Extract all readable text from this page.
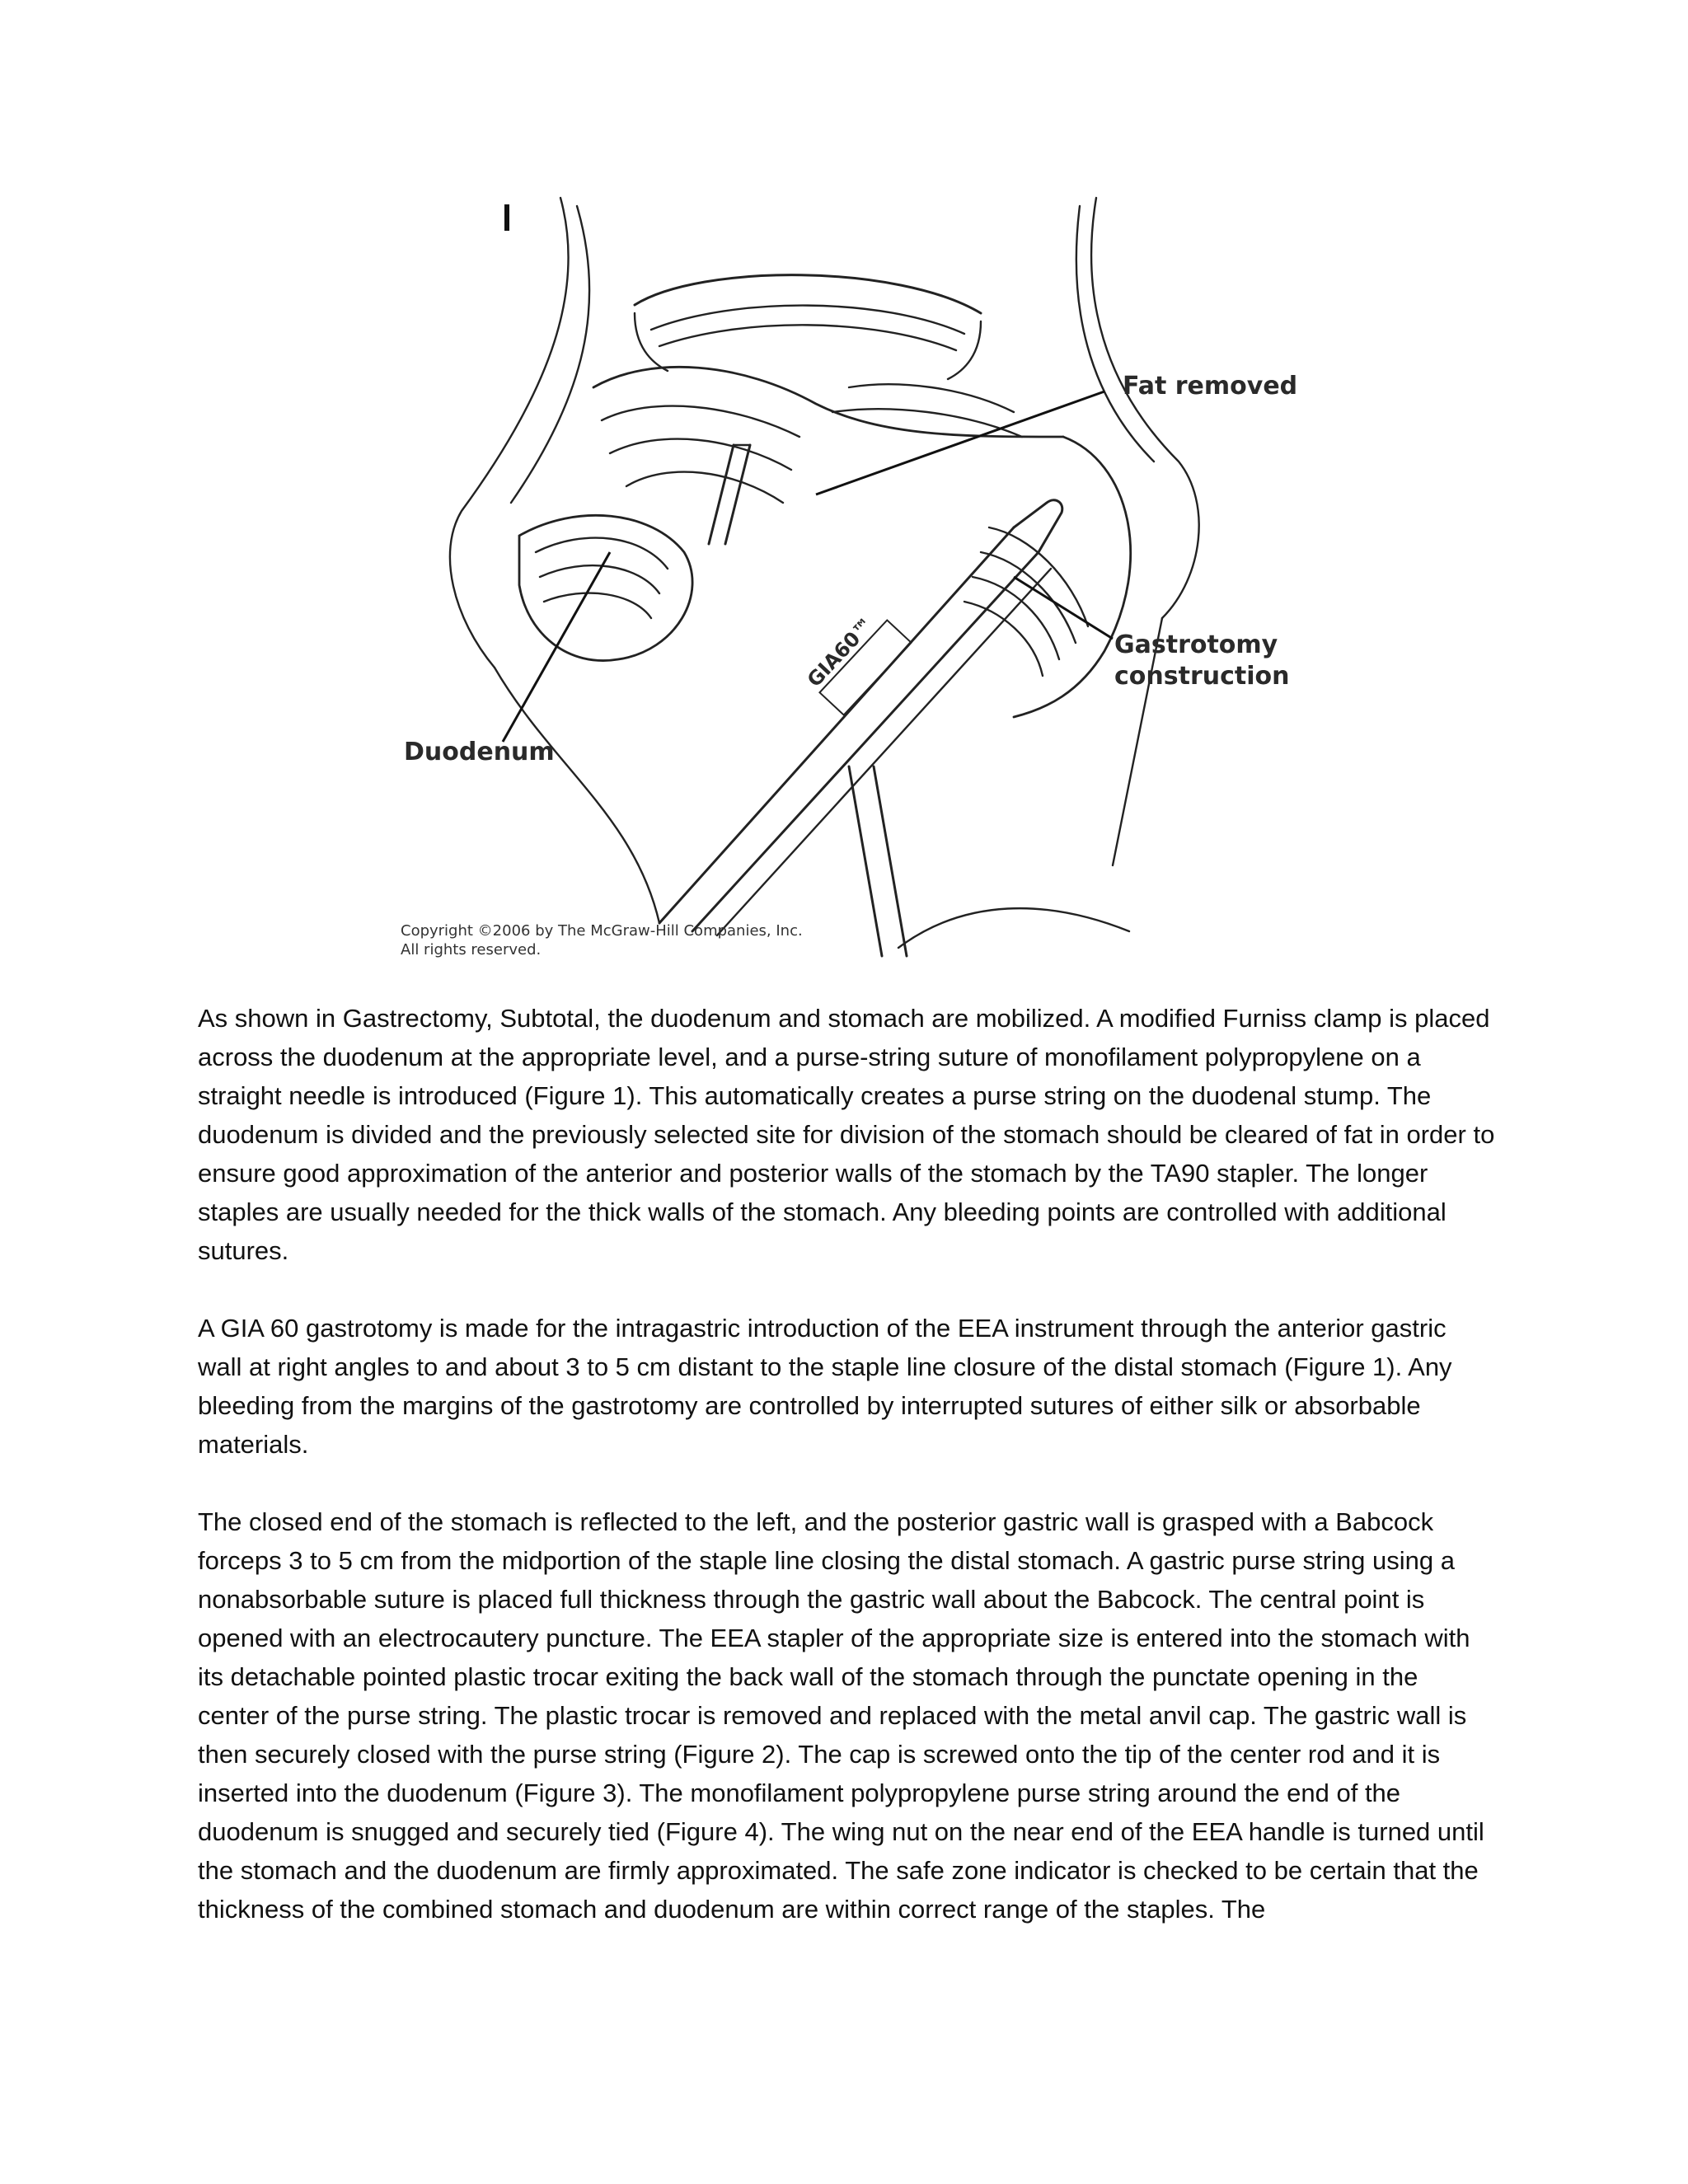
Fat removed
Gastrotomy
construction
Duodenum
GIA60™
Copyright ©2006 by The McGraw-Hill Companies, Inc.
All rights reserved.

As shown in Gastrectomy, Subtotal, the duodenum and stomach are mobilized. A modified Furniss clamp is placed across the duodenum at the appropriate level, and a purse-string suture of monofilament polypropylene on a straight needle is introduced (Figure 1). This automatically creates a purse string on the duodenal stump. The duodenum is divided and the previously selected site for division of the stomach should be cleared of fat in order to ensure good approximation of the anterior and posterior walls of the stomach by the TA90 stapler. The longer staples are usually needed for the thick walls of the stomach. Any bleeding points are controlled with additional sutures.

A GIA 60 gastrotomy is made for the intragastric introduction of the EEA instrument through the anterior gastric wall at right angles to and about 3 to 5 cm distant to the staple line closure of the distal stomach (Figure 1). Any bleeding from the margins of the gastrotomy are controlled by interrupted sutures of either silk or absorbable materials.

The closed end of the stomach is reflected to the left, and the posterior gastric wall is grasped with a Babcock forceps 3 to 5 cm from the midportion of the staple line closing the distal stomach. A gastric purse string using a nonabsorbable suture is placed full thickness through the gastric wall about the Babcock. The central point is opened with an electrocautery puncture. The EEA stapler of the appropriate size is entered into the stomach with its detachable pointed plastic trocar exiting the back wall of the stomach through the punctate opening in the center of the purse string. The plastic trocar is removed and replaced with the metal anvil cap. The gastric wall is then securely closed with the purse string (Figure 2). The cap is screwed onto the tip of the center rod and it is inserted into the duodenum (Figure 3). The monofilament polypropylene purse string around the end of the duodenum is snugged and securely tied (Figure 4). The wing nut on the near end of the EEA handle is turned until the stomach and the duodenum are firmly approximated. The safe zone indicator is checked to be certain that the thickness of the combined stomach and duodenum are within correct range of the staples. The
